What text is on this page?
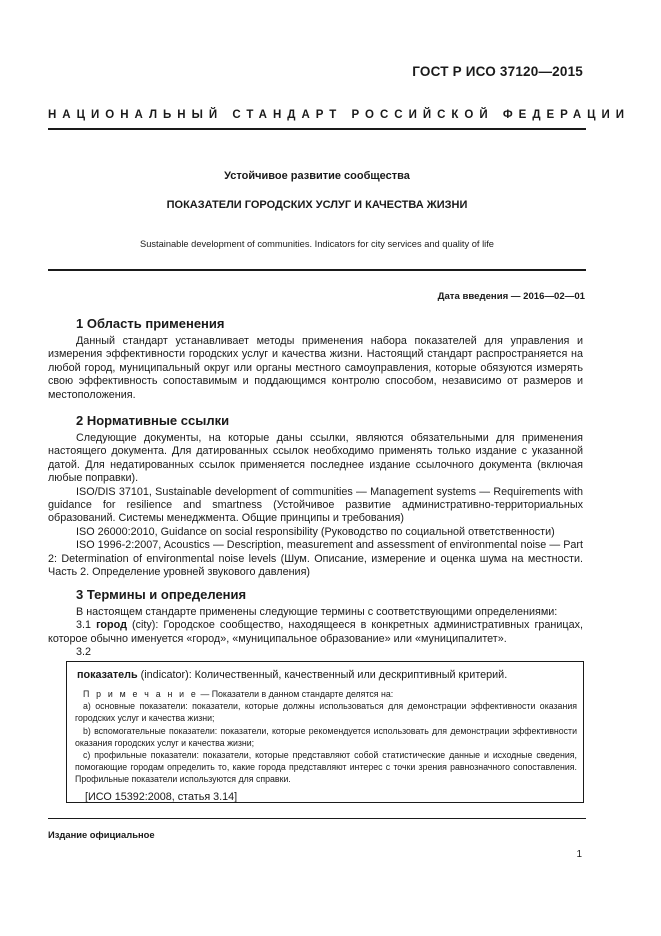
ГОСТ Р ИСО 37120—2015
НАЦИОНАЛЬНЫЙ СТАНДАРТ РОССИЙСКОЙ ФЕДЕРАЦИИ
Устойчивое развитие сообщества
ПОКАЗАТЕЛИ ГОРОДСКИХ УСЛУГ И КАЧЕСТВА ЖИЗНИ
Sustainable development of communities. Indicators for city services and quality of life
Дата введения — 2016—02—01
1 Область применения

Данный стандарт устанавливает методы применения набора показателей для управления и измерения эффективности городских услуг и качества жизни. Настоящий стандарт распространяется на любой город, муниципальный округ или органы местного самоуправления, которые обязуются измерять свою эффективность сопоставимым и поддающимся контролю способом, независимо от размеров и местоположения.

2 Нормативные ссылки

Следующие документы, на которые даны ссылки, являются обязательными для применения настоящего документа. Для датированных ссылок необходимо применять только издание с указанной датой. Для недатированных ссылок применяется последнее издание ссылочного документа (включая любые поправки).

ISO/DIS 37101, Sustainable development of communities — Management systems — Requirements with guidance for resilience and smartness (Устойчивое развитие административно-территориальных образований. Системы менеджмента. Общие принципы и требования)

ISO 26000:2010, Guidance on social responsibility (Руководство по социальной ответственности)

ISO 1996-2:2007, Acoustics — Description, measurement and assessment of environmental noise — Part 2: Determination of environmental noise levels (Шум. Описание, измерение и оценка шума на местности. Часть 2. Определение уровней звукового давления)

3 Термины и определения

В настоящем стандарте применены следующие термины с соответствующими определениями:

3.1 город (city): Городское сообщество, находящееся в конкретных административных границах, которое обычно именуется «город», «муниципальное образование» или «муниципалитет».

3.2

показатель (indicator): Количественный, качественный или дескриптивный критерий.

П р и м е ч а н и е — Показатели в данном стандарте делятся на:

а) основные показатели: показатели, которые должны использоваться для демонстрации эффективности оказания городских услуг и качества жизни;

b) вспомогательные показатели: показатели, которые рекомендуется использовать для демонстрации эффективности оказания городских услуг и качества жизни;

с) профильные показатели: показатели, которые представляют собой статистические данные и исходные сведения, помогающие городам определить то, какие города представляют интерес с точки зрения равнозначного сопоставления. Профильные показатели используются для справки.

[ИСО 15392:2008, статья 3.14]

Издание официальное
1
